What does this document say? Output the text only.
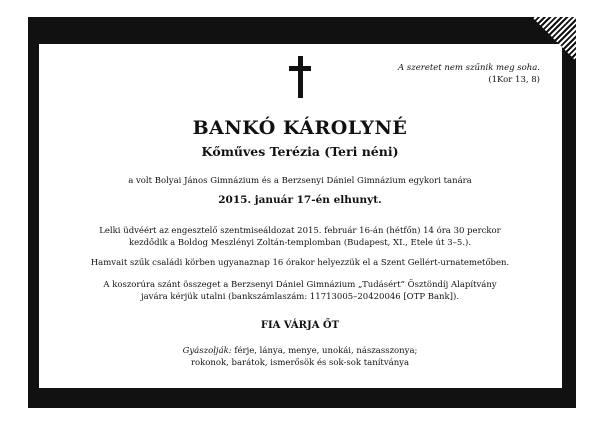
A szeretet nem szűnik meg soha.
(1Kor 13, 8)
BANKÓ KÁROLYNÉ
Kőműves Terézia (Teri néni)
a volt Bolyai János Gimnázium és a Berzsenyi Dániel Gimnázium egykori tanára
2015. január 17-én elhunyt.
Lelki üdvéért az engesztelő szentmiseáldozat 2015. február 16-án (hétfőn) 14 óra 30 perckor
kezdődik a Boldog Meszlényi Zoltán-templomban (Budapest, XI., Etele út 3–5.).
Hamvait szűk családi körben ugyanaznap 16 órakor helyezzük el a Szent Gellért-urnatemetőben.
A koszorúra szánt összeget a Berzsenyi Dániel Gimnázium „Tudásért” Ösztöndíj Alapítvány
javára kérjük utalni (bankszámlaszám: 11713005–20420046 [OTP Bank]).
FIA VÁRJA ŐT
Gyászolják: férje, lánya, menye, unokái, nászasszonya;
rokonok, barátok, ismerősök és sok-sok tanítványa
